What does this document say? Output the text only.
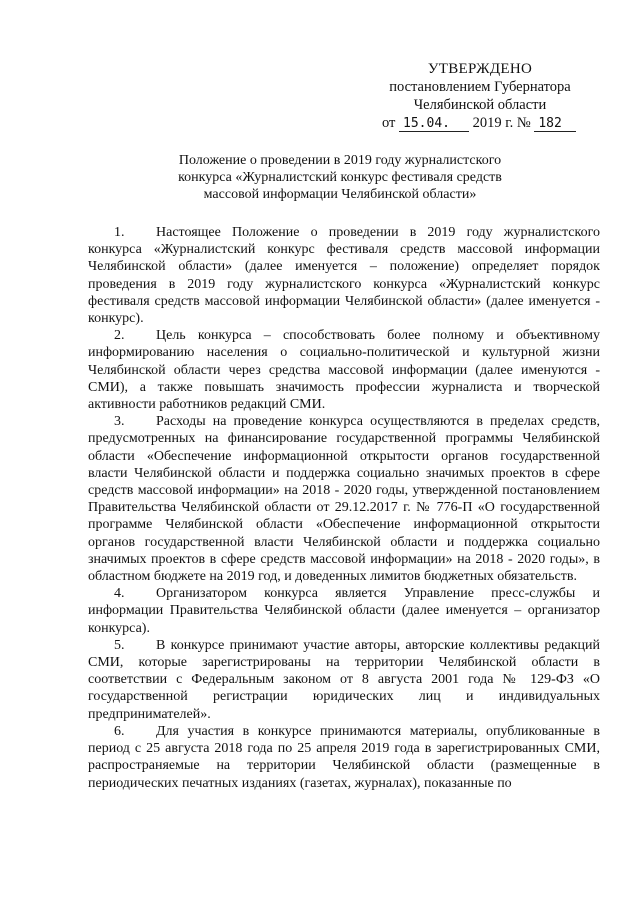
УТВЕРЖДЕНО
постановлением Губернатора
Челябинской области
от 15.04. 2019 г. № 182
Положение о проведении в 2019 году журналистского
конкурса «Журналистский конкурс фестиваля средств
массовой информации Челябинской области»

1. Настоящее Положение о проведении в 2019 году журналистского конкурса «Журналистский конкурс фестиваля средств массовой информации Челябинской области» (далее именуется – положение) определяет порядок проведения в 2019 году журналистского конкурса «Журналистский конкурс фестиваля средств массовой информации Челябинской области» (далее именуется - конкурс).

2. Цель конкурса – способствовать более полному и объективному информированию населения о социально-политической и культурной жизни Челябинской области через средства массовой информации (далее именуются - СМИ), а также повышать значимость профессии журналиста и творческой активности работников редакций СМИ.

3. Расходы на проведение конкурса осуществляются в пределах средств, предусмотренных на финансирование государственной программы Челябинской области «Обеспечение информационной открытости органов государственной власти Челябинской области и поддержка социально значимых проектов в сфере средств массовой информации» на 2018 - 2020 годы, утвержденной постановлением Правительства Челябинской области от 29.12.2017 г. № 776-П «О государственной программе Челябинской области «Обеспечение информационной открытости органов государственной власти Челябинской области и поддержка социально значимых проектов в сфере средств массовой информации» на 2018 - 2020 годы», в областном бюджете на 2019 год, и доведенных лимитов бюджетных обязательств.

4. Организатором конкурса является Управление пресс-службы и информации Правительства Челябинской области (далее именуется – организатор конкурса).

5. В конкурсе принимают участие авторы, авторские коллективы редакций СМИ, которые зарегистрированы на территории Челябинской области в соответствии с Федеральным законом от 8 августа 2001 года № 129-ФЗ «О государственной регистрации юридических лиц и индивидуальных предпринимателей».

6. Для участия в конкурсе принимаются материалы, опубликованные в период с 25 августа 2018 года по 25 апреля 2019 года в зарегистрированных СМИ, распространяемые на территории Челябинской области (размещенные в периодических печатных изданиях (газетах, журналах), показанные по
